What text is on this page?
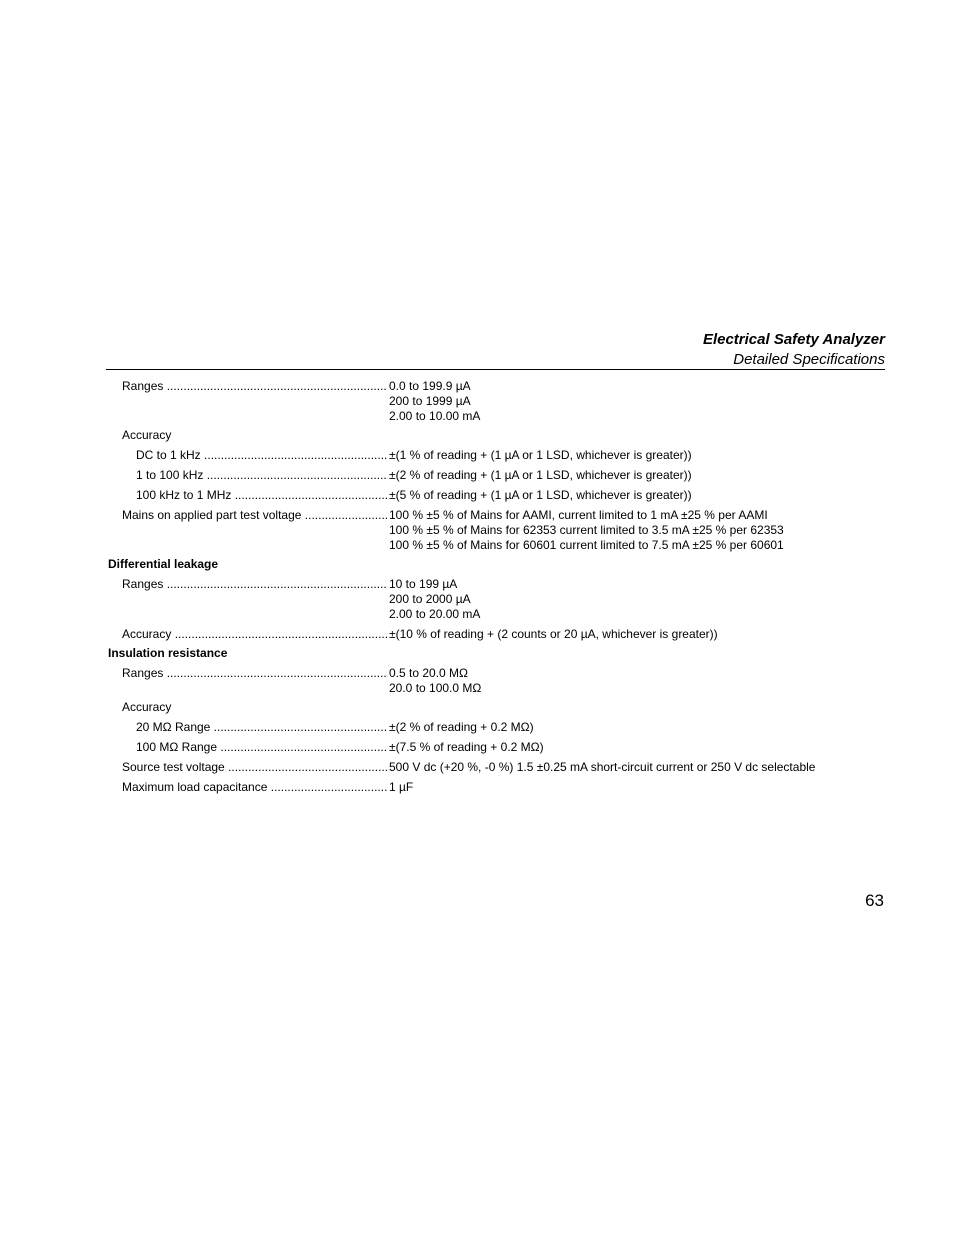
Electrical Safety Analyzer
Detailed Specifications
Ranges .....	0.0 to 199.9 µA
200 to 1999 µA
2.00 to 10.00 mA
Accuracy
DC to 1 kHz .....	±(1 % of reading + (1 µA or 1 LSD, whichever is greater))
1 to 100 kHz .....	±(2 % of reading + (1 µA or 1 LSD, whichever is greater))
100 kHz to 1 MHz .....	±(5 % of reading + (1 µA or 1 LSD, whichever is greater))
Mains on applied part test voltage .....	100 % ±5 % of Mains for AAMI, current limited to 1 mA ±25 % per AAMI
100 % ±5 % of Mains for 62353 current limited to 3.5 mA ±25 % per 62353
100 % ±5 % of Mains for 60601 current limited to 7.5 mA ±25 % per 60601
Differential leakage
Ranges .....	10 to 199 µA
200 to 2000 µA
2.00 to 20.00 mA
Accuracy .....	±(10 % of reading + (2 counts or 20 µA, whichever is greater))
Insulation resistance
Ranges .....	0.5 to 20.0 MΩ
20.0 to 100.0 MΩ
Accuracy
20 MΩ Range .....	±(2 % of reading + 0.2 MΩ)
100 MΩ Range .....	±(7.5 % of reading + 0.2 MΩ)
Source test voltage .....	500 V dc (+20 %, -0 %) 1.5 ±0.25 mA short-circuit current or 250 V dc selectable
Maximum load capacitance .....	1 µF
63
